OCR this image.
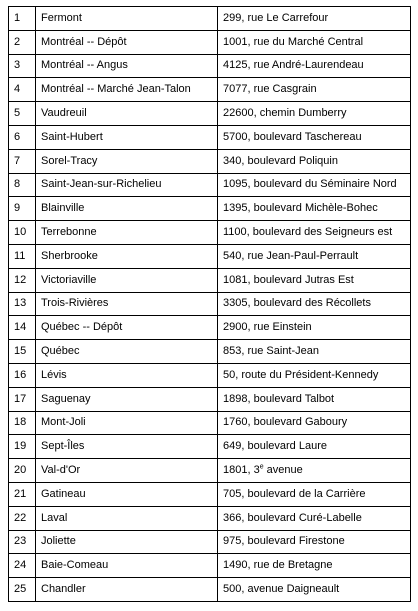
1	Fermont	299, rue Le Carrefour
2	Montréal -- Dépôt	1001, rue du Marché Central
3	Montréal -- Angus	4125, rue André-Laurendeau
4	Montréal -- Marché Jean-Talon	7077, rue Casgrain
5	Vaudreuil	22600, chemin Dumberry
6	Saint-Hubert	5700, boulevard Taschereau
7	Sorel-Tracy	340, boulevard Poliquin
8	Saint-Jean-sur-Richelieu	1095, boulevard du Séminaire Nord
9	Blainville	1395, boulevard Michèle-Bohec
10	Terrebonne	1100, boulevard des Seigneurs est
11	Sherbrooke	540, rue Jean-Paul-Perrault
12	Victoriaville	1081, boulevard Jutras Est
13	Trois-Rivières	3305, boulevard des Récollets
14	Québec -- Dépôt	2900, rue Einstein
15	Québec	853, rue Saint-Jean
16	Lévis	50, route du Président-Kennedy
17	Saguenay	1898, boulevard Talbot
18	Mont-Joli	1760, boulevard Gaboury
19	Sept-Îles	649, boulevard Laure
20	Val-d'Or	1801, 3e avenue
21	Gatineau	705, boulevard de la Carrière
22	Laval	366, boulevard Curé-Labelle
23	Joliette	975, boulevard Firestone
24	Baie-Comeau	1490, rue de Bretagne
25	Chandler	500, avenue Daigneault
